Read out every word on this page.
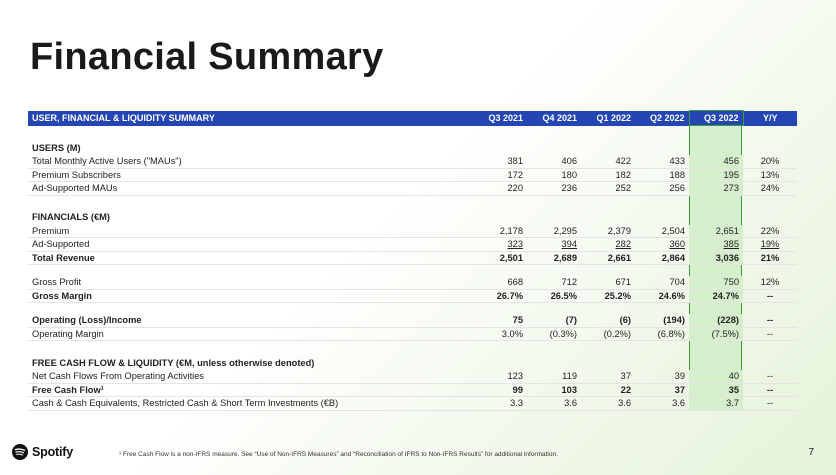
Financial Summary
USER, FINANCIAL & LIQUIDITY SUMMARY	Q3 2021	Q4 2021	Q1 2022	Q2 2022	Q3 2022	Y/Y

USERS (M)						
Total Monthly Active Users ("MAUs")	381	406	422	433	456	20%
Premium Subscribers	172	180	182	188	195	13%
Ad-Supported MAUs	220	236	252	256	273	24%

FINANCIALS (€M)						
Premium	2,178	2,295	2,379	2,504	2,651	22%
Ad-Supported	323	394	282	360	385	19%
Total Revenue	2,501	2,689	2,661	2,864	3,036	21%

Gross Profit	668	712	671	704	750	12%
Gross Margin	26.7%	26.5%	25.2%	24.6%	24.7%	--

Operating (Loss)/Income	75	(7)	(6)	(194)	(228)	--
Operating Margin	3.0%	(0.3%)	(0.2%)	(6.8%)	(7.5%)	--

FREE CASH FLOW & LIQUIDITY (€M, unless otherwise denoted)						
Net Cash Flows From Operating Activities	123	119	37	39	40	--
Free Cash Flow¹	99	103	22	37	35	--
Cash & Cash Equivalents, Restricted Cash & Short Term Investments (€B)	3.3	3.6	3.6	3.6	3.7	--
Spotify	¹ Free Cash Flow is a non-IFRS measure. See “Use of Non-IFRS Measures” and “Reconciliation of IFRS to Non-IFRS Results” for additional information.	7
